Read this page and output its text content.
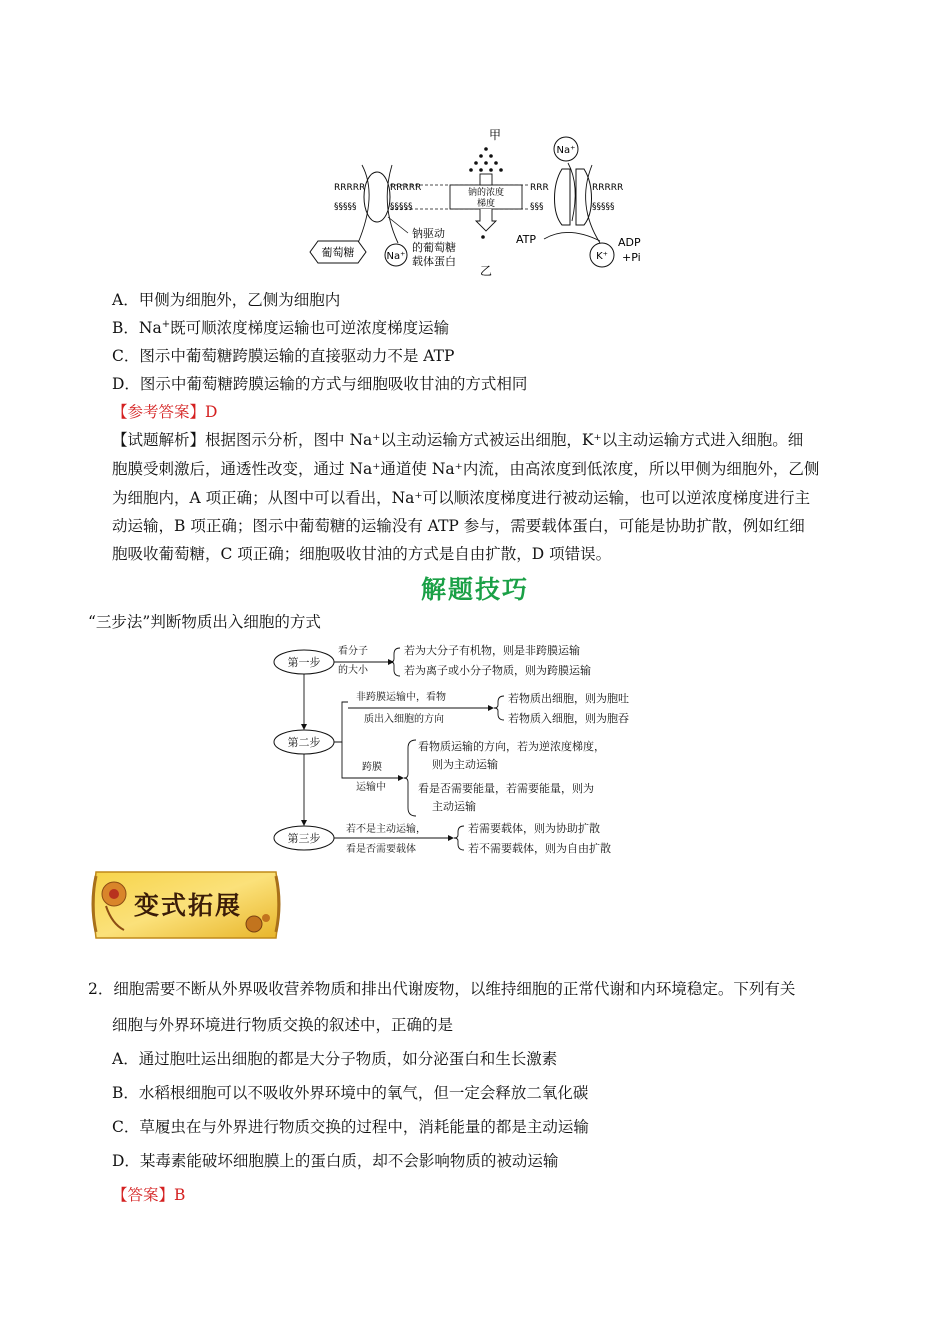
甲
RRRRR
§§§§§
RRRRR
§§§§§
葡萄糖	Na⁺
钠驱动
的葡萄糖
载体蛋白
钠的浓度
梯度
乙
RRR
§§§
RRRRR
§§§§§
Na⁺
ATP	ADP
+Pi
K⁺
A．甲侧为细胞外，乙侧为细胞内
B．Na+既可顺浓度梯度运输也可逆浓度梯度运输
C．图示中葡萄糖跨膜运输的直接驱动力不是 ATP
D．图示中葡萄糖跨膜运输的方式与细胞吸收甘油的方式相同
【参考答案】D
【试题解析】根据图示分析，图中 Na⁺以主动运输方式被运出细胞，K⁺以主动运输方式进入细胞。细
胞膜受刺激后，通透性改变，通过 Na⁺通道使 Na⁺内流，由高浓度到低浓度，所以甲侧为细胞外，乙侧
为细胞内，A 项正确；从图中可以看出，Na⁺可以顺浓度梯度进行被动运输，也可以逆浓度梯度进行主
动运输，B 项正确；图示中葡萄糖的运输没有 ATP 参与，需要载体蛋白，可能是协助扩散，例如红细
胞吸收葡萄糖，C 项正确；细胞吸收甘油的方式是自由扩散，D 项错误。
解题技巧
“三步法”判断物质出入细胞的方式
第一步
看分子
的大小
若为大分子有机物，则是非跨膜运输
若为离子或小分子物质，则为跨膜运输
第二步
非跨膜运输中，看物
质出入细胞的方向
若物质出细胞，则为胞吐
若物质入细胞，则为胞吞
跨膜
运输中
看物质运输的方向，若为逆浓度梯度，
则为主动运输
看是否需要能量，若需要能量，则为
主动运输
第三步
若不是主动运输，
看是否需要载体
若需要载体，则为协助扩散
若不需要载体，则为自由扩散
变式拓展
2．细胞需要不断从外界吸收营养物质和排出代谢废物，以维持细胞的正常代谢和内环境稳定。下列有关
细胞与外界环境进行物质交换的叙述中，正确的是
A．通过胞吐运出细胞的都是大分子物质，如分泌蛋白和生长激素
B．水稻根细胞可以不吸收外界环境中的氧气，但一定会释放二氧化碳
C．草履虫在与外界进行物质交换的过程中，消耗能量的都是主动运输
D．某毒素能破坏细胞膜上的蛋白质，却不会影响物质的被动运输
【答案】B
